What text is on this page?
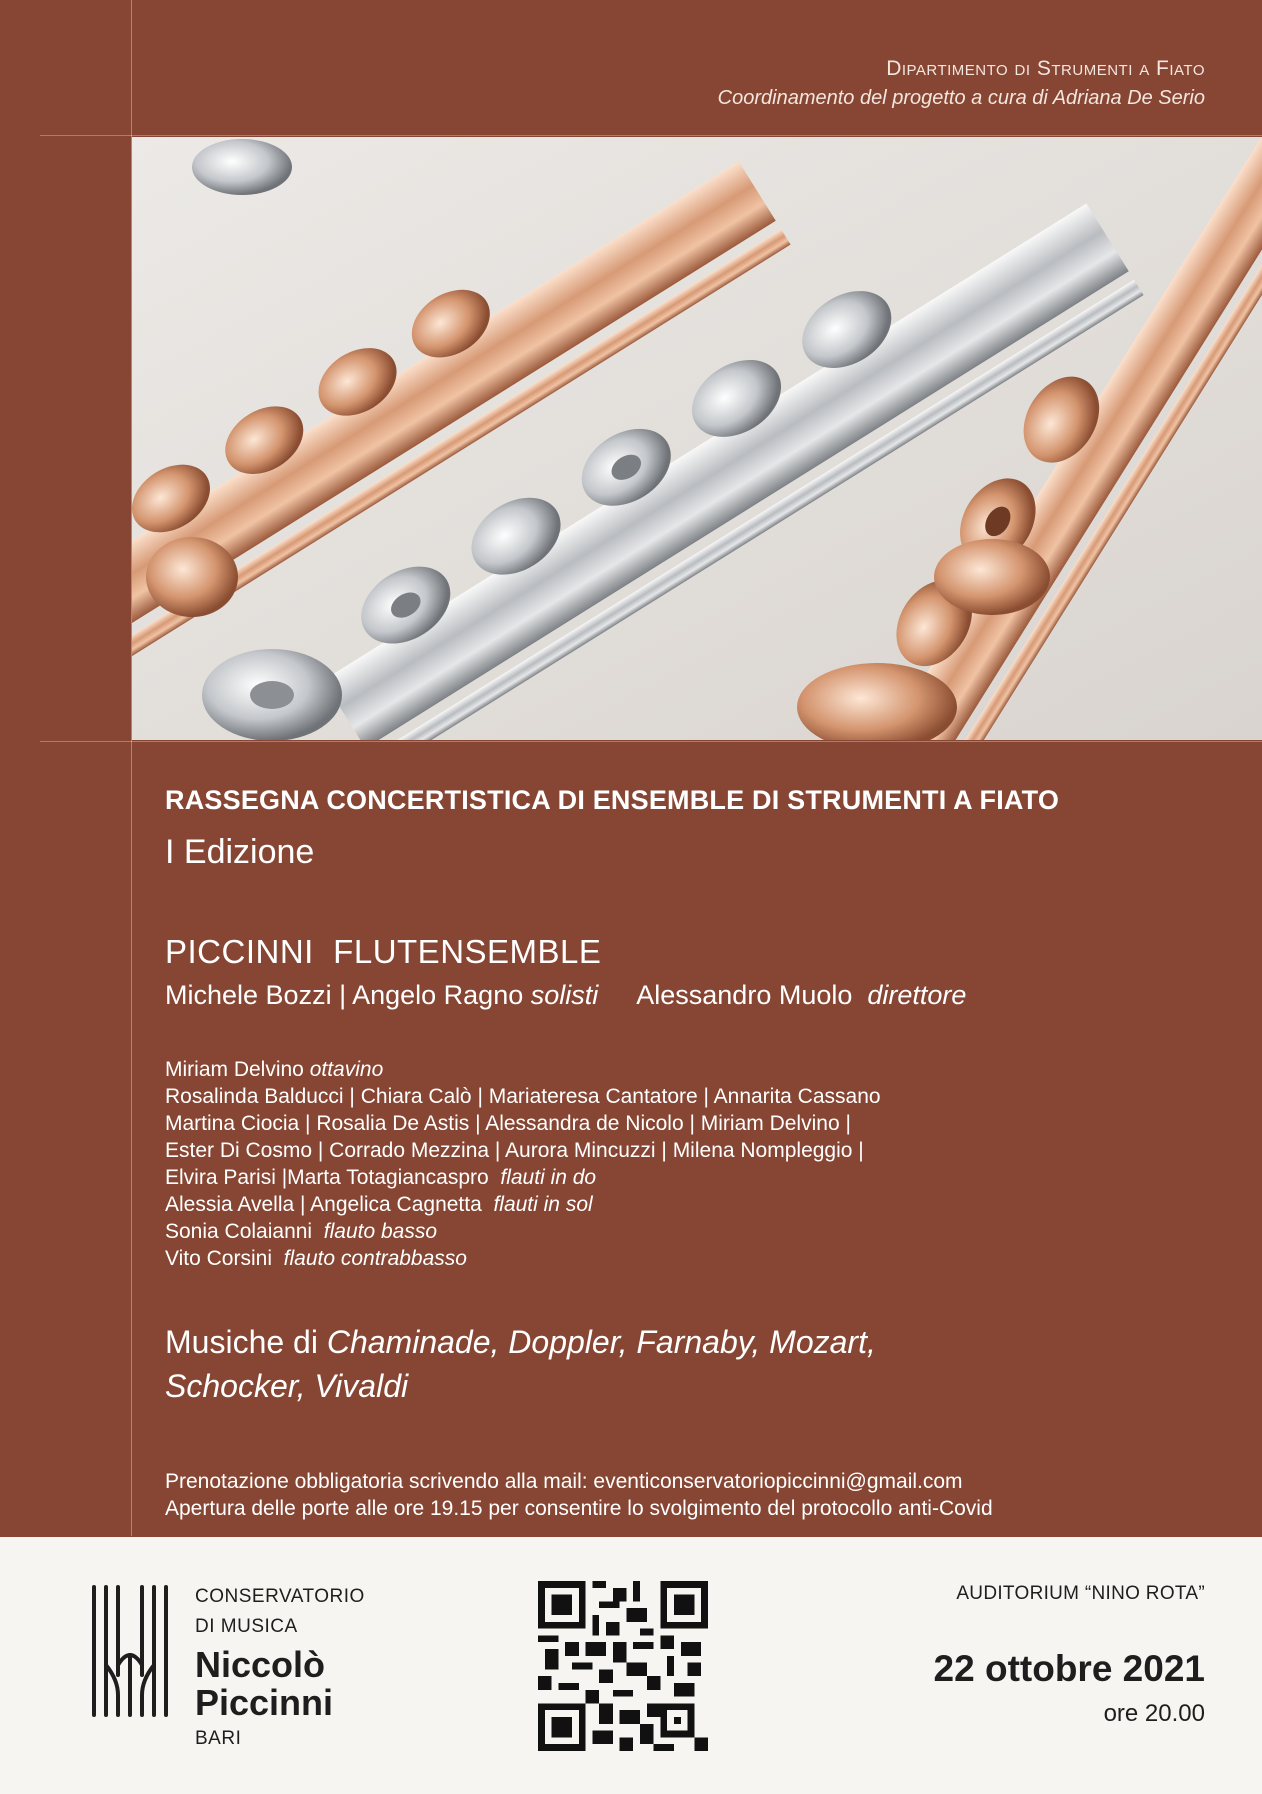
Dipartimento di Strumenti a Fiato
Coordinamento del progetto a cura di Adriana De Serio
RASSEGNA CONCERTISTICA DI ENSEMBLE DI STRUMENTI A FIATO
I Edizione
PICCINNI  FLUTENSEMBLE
Michele Bozzi | Angelo Ragno solisti Alessandro Muolo  direttore
Miriam Delvino ottavino
Rosalinda Balducci | Chiara Calò | Mariateresa Cantatore | Annarita Cassano
Martina Ciocia | Rosalia De Astis | Alessandra de Nicolo | Miriam Delvino |
Ester Di Cosmo | Corrado Mezzina | Aurora Mincuzzi | Milena Nompleggio |
Elvira Parisi |Marta Totagiancaspro  flauti in do
Alessia Avella | Angelica Cagnetta  flauti in sol
Sonia Colaianni  flauto basso
Vito Corsini  flauto contrabbasso
Musiche di Chaminade, Doppler, Farnaby, Mozart,
Schocker, Vivaldi
Prenotazione obbligatoria scrivendo alla mail: eventiconservatoriopiccinni@gmail.com
Apertura delle porte alle ore 19.15 per consentire lo svolgimento del protocollo anti-Covid
CONSERVATORIO
DI MUSICA
Niccolò
Piccinni
BARI
AUDITORIUM “NINO ROTA”
22 ottobre 2021
ore 20.00
